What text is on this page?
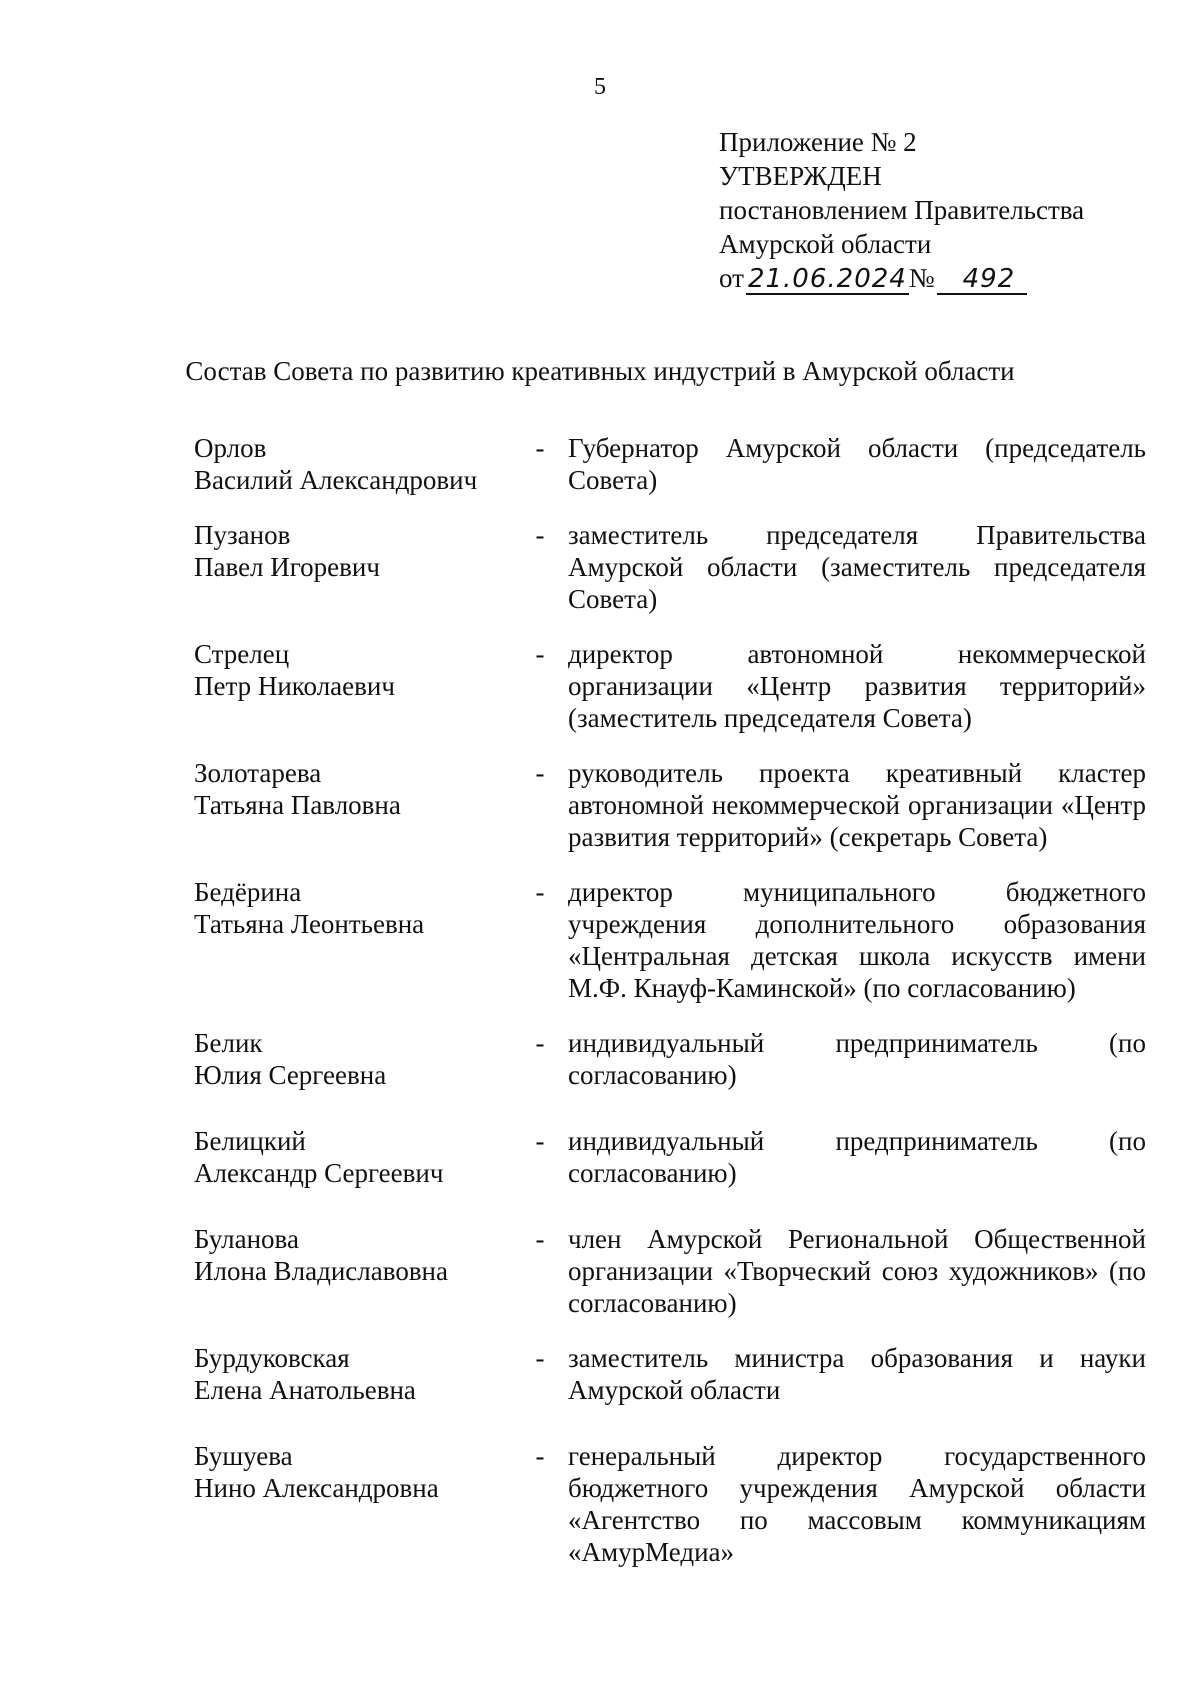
5
Приложение № 2
УТВЕРЖДЕН
постановлением Правительства
Амурской области
от 21.06.2024 №	492
Состав Совета по развитию креативных индустрий в Амурской области
Орлов
Василий Александрович
- Губернатор Амурской области (председатель Совета)
Пузанов
Павел Игоревич
- заместитель председателя Правительства Амурской области (заместитель председателя Совета)
Стрелец
Петр Николаевич
- директор автономной некоммерческой организации «Центр развития территорий» (заместитель председателя Совета)
Золотарева
Татьяна Павловна
- руководитель проекта креативный кластер автономной некоммерческой организации «Центр развития территорий» (секретарь Совета)
Бедёрина
Татьяна Леонтьевна
- директор муниципального бюджетного учреждения дополнительного образования «Центральная детская школа искусств имени М.Ф. Кнауф-Каминской» (по согласованию)
Белик
Юлия Сергеевна
- индивидуальный предприниматель (по согласованию)
Белицкий
Александр Сергеевич
- индивидуальный предприниматель (по согласованию)
Буланова
Илона Владиславовна
- член Амурской Региональной Общественной организации «Творческий союз художников» (по согласованию)
Бурдуковская
Елена Анатольевна
- заместитель министра образования и науки Амурской области
Бушуева
Нино Александровна
- генеральный директор государственного бюджетного учреждения Амурской области «Агентство по массовым коммуникациям «АмурМедиа»
